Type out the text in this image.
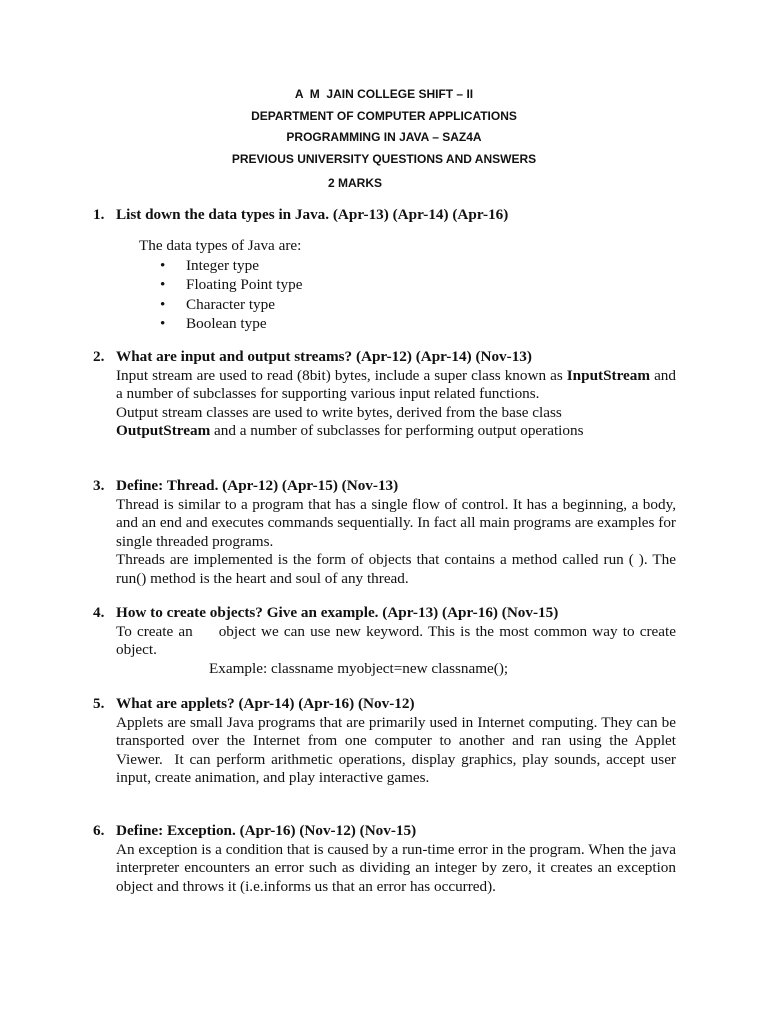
A  M  JAIN COLLEGE SHIFT – II
DEPARTMENT OF COMPUTER APPLICATIONS
PROGRAMMING IN JAVA – SAZ4A
PREVIOUS UNIVERSITY QUESTIONS AND ANSWERS
2 MARKS
1. List down the data types in Java. (Apr-13) (Apr-14) (Apr-16)
The data types of Java are:
• Integer type
• Floating Point type
• Character type
• Boolean type
2. What are input and output streams? (Apr-12) (Apr-14) (Nov-13)
Input stream are used to read (8bit) bytes, include a super class known as InputStream and a number of subclasses for supporting various input related functions.
Output stream classes are used to write bytes, derived from the base class
OutputStream and a number of subclasses for performing output operations
3. Define: Thread. (Apr-12) (Apr-15) (Nov-13)
Thread is similar to a program that has a single flow of control. It has a beginning, a body, and an end and executes commands sequentially. In fact all main programs are examples for single threaded programs.
Threads are implemented is the form of objects that contains a method called run ( ). The run() method is the heart and soul of any thread.
4. How to create objects? Give an example. (Apr-13) (Apr-16) (Nov-15)
To create an     object we can use new keyword. This is the most common way to create object.
Example: classname myobject=new classname();
5. What are applets? (Apr-14) (Apr-16) (Nov-12)
Applets are small Java programs that are primarily used in Internet computing. They can be transported over the Internet from one computer to another and ran using the Applet Viewer.  It can perform arithmetic operations, display graphics, play sounds, accept user input, create animation, and play interactive games.
6. Define: Exception. (Apr-16) (Nov-12) (Nov-15)
An exception is a condition that is caused by a run-time error in the program. When the java interpreter encounters an error such as dividing an integer by zero, it creates an exception object and throws it (i.e.informs us that an error has occurred).
